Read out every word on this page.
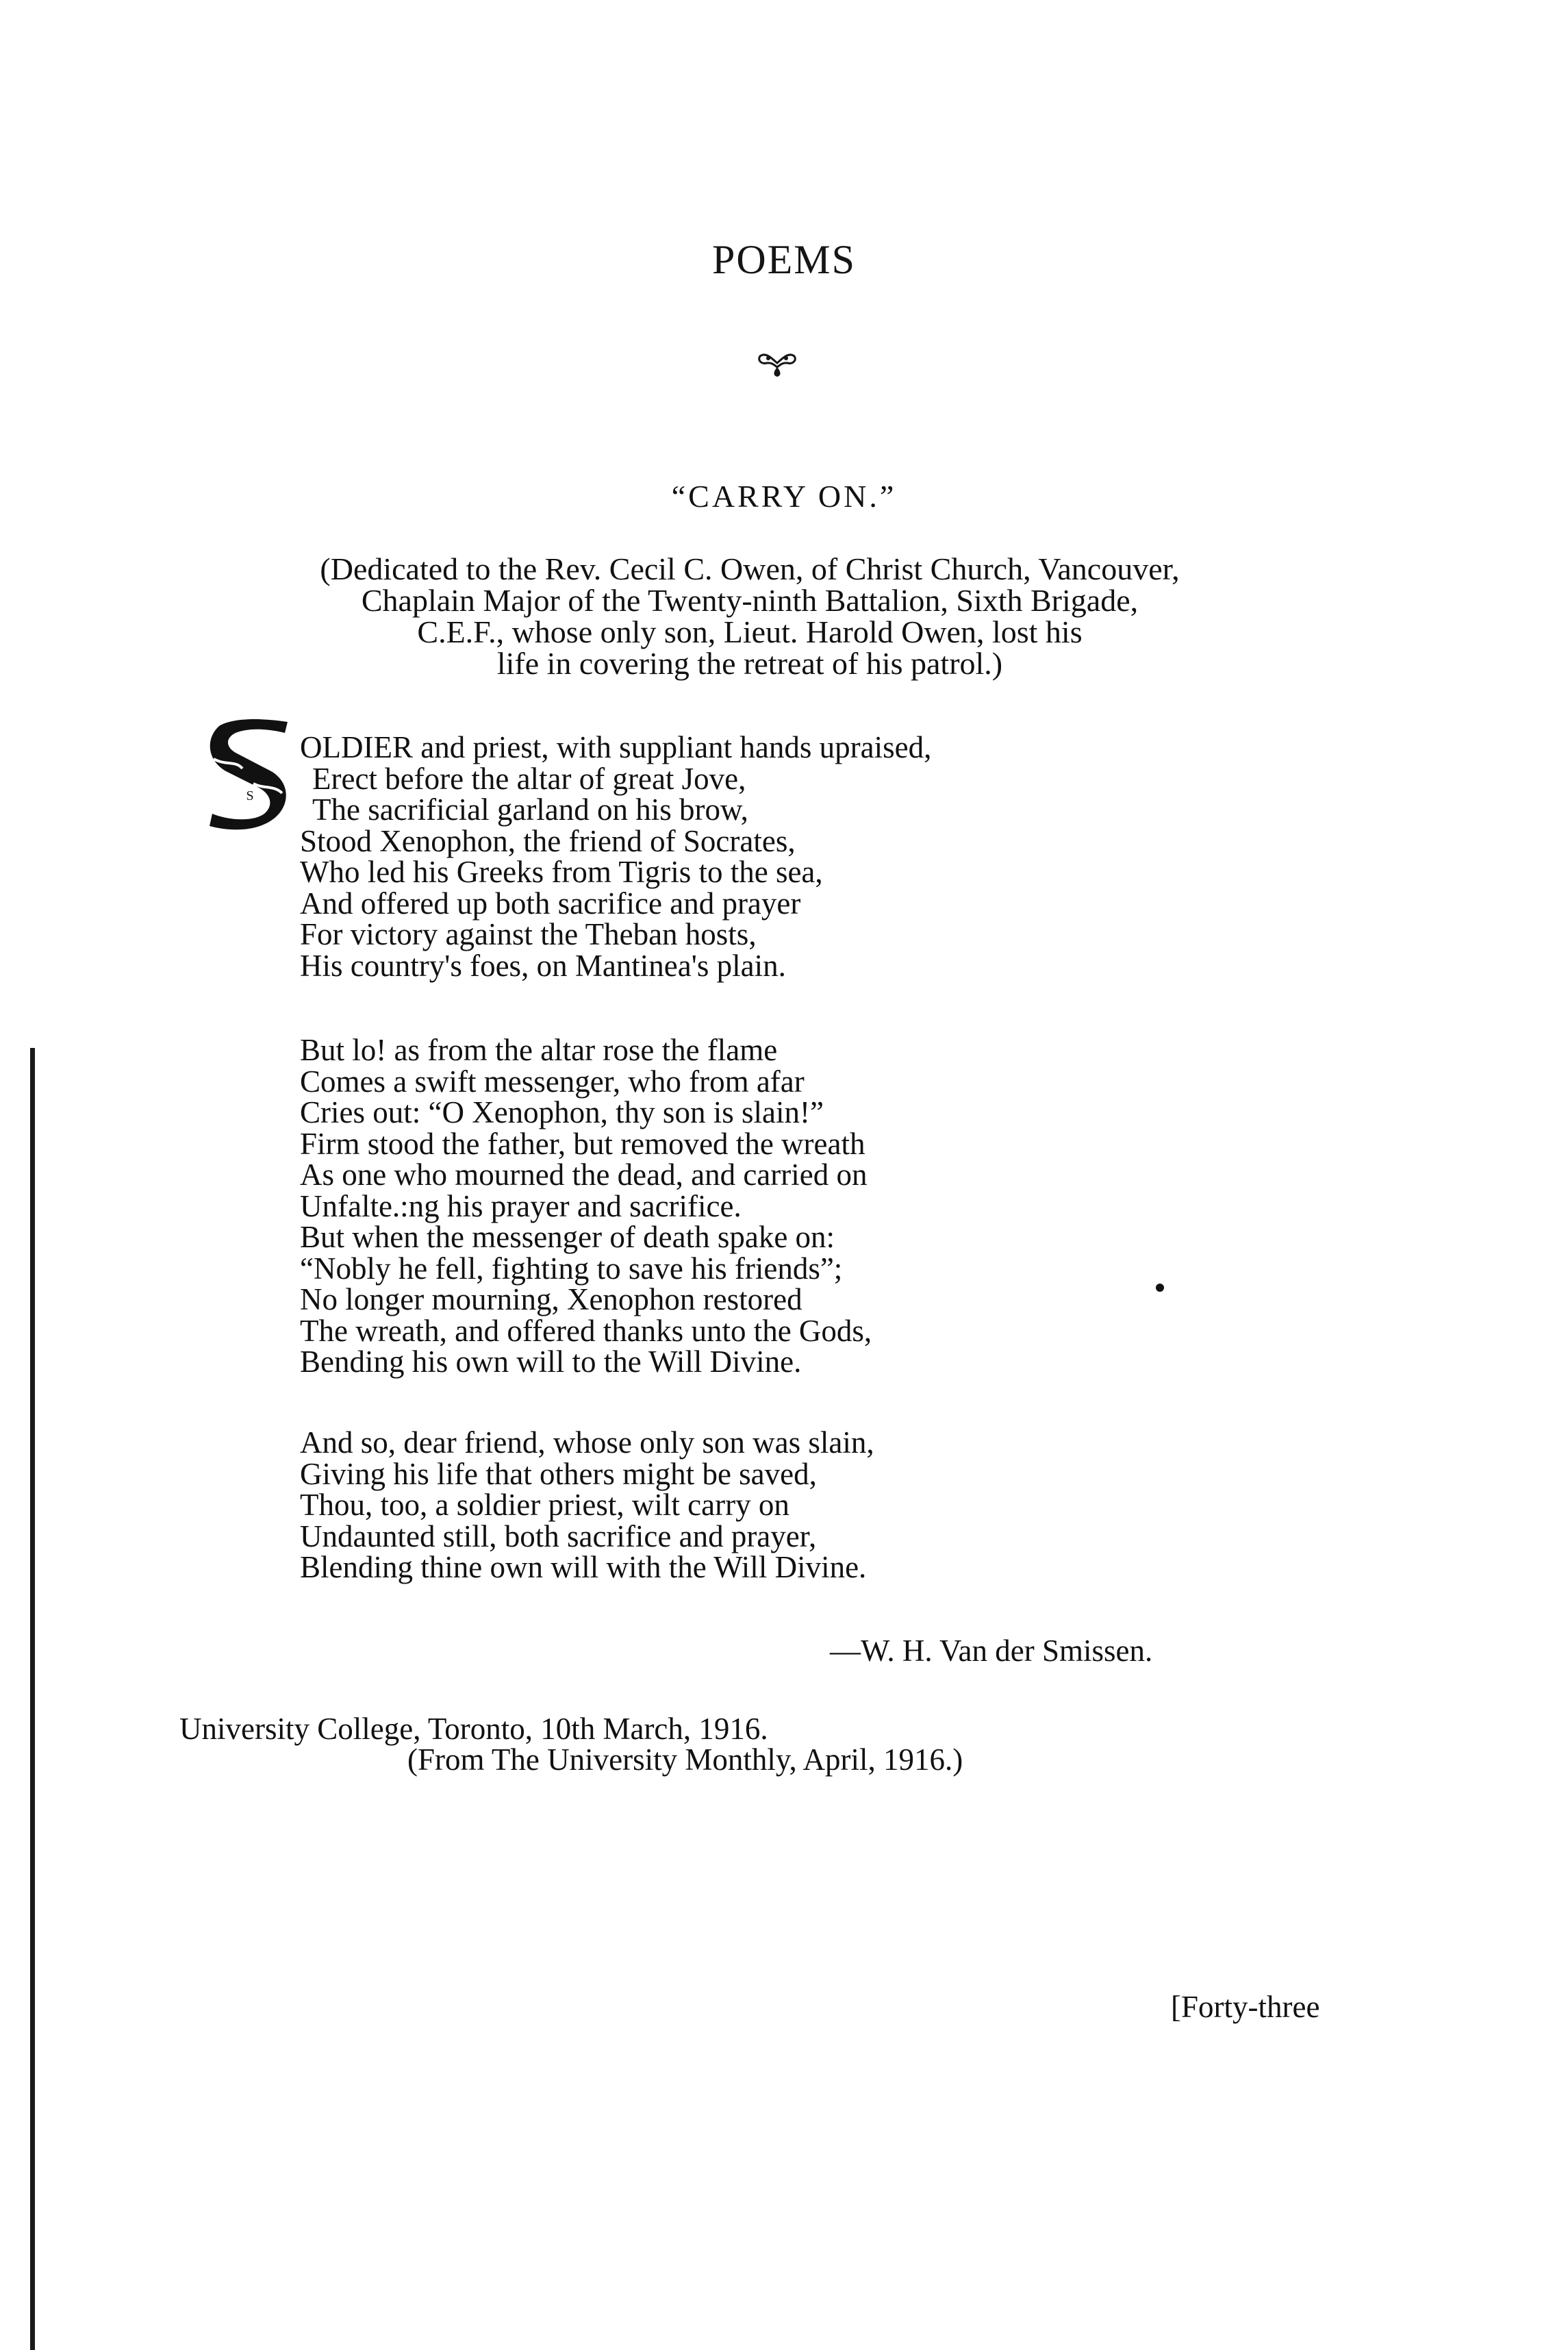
POEMS
“CARRY ON.”
(Dedicated to the Rev. Cecil C. Owen, of Christ Church, Vancouver,
Chaplain Major of the Twenty-ninth Battalion, Sixth Brigade,
C.E.F., whose only son, Lieut. Harold Owen, lost his
life in covering the retreat of his patrol.)
S
OLDIER and priest, with suppliant hands upraised,
Erect before the altar of great Jove,
The sacrificial garland on his brow,
Stood Xenophon, the friend of Socrates,
Who led his Greeks from Tigris to the sea,
And offered up both sacrifice and prayer
For victory against the Theban hosts,
His country's foes, on Mantinea's plain.
But lo! as from the altar rose the flame
Comes a swift messenger, who from afar
Cries out: “O Xenophon, thy son is slain!”
Firm stood the father, but removed the wreath
As one who mourned the dead, and carried on
Unfalte.:ng his prayer and sacrifice.
But when the messenger of death spake on:
“Nobly he fell, fighting to save his friends”;
No longer mourning, Xenophon restored
The wreath, and offered thanks unto the Gods,
Bending his own will to the Will Divine.
And so, dear friend, whose only son was slain,
Giving his life that others might be saved,
Thou, too, a soldier priest, wilt carry on
Undaunted still, both sacrifice and prayer,
Blending thine own will with the Will Divine.
—W. H. Van der Smissen.
University College, Toronto, 10th March, 1916.
(From The University Monthly, April, 1916.)
[Forty-three
